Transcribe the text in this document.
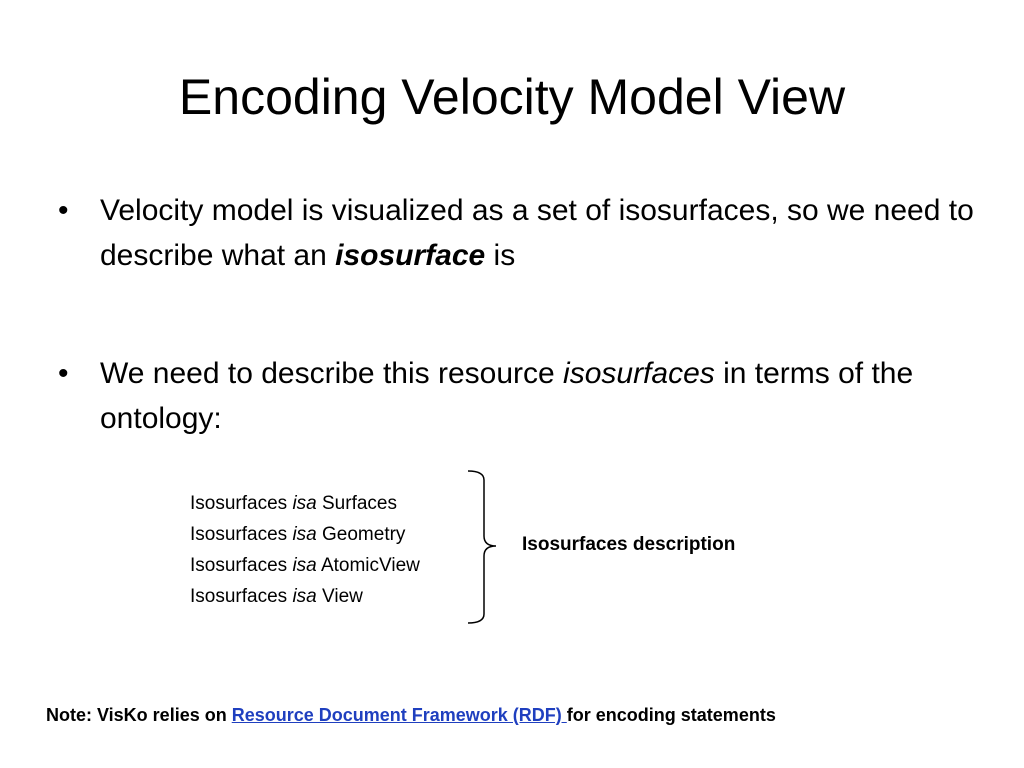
Encoding Velocity Model View
•	Velocity model is visualized as a set of isosurfaces, so we need to describe what an isosurface is
•	We need to describe this resource isosurfaces in terms of the ontology:
Isosurfaces isa Surfaces
Isosurfaces isa Geometry
Isosurfaces isa AtomicView
Isosurfaces isa View
Isosurfaces description
Note: VisKo relies on Resource Document Framework (RDF) for encoding statements
